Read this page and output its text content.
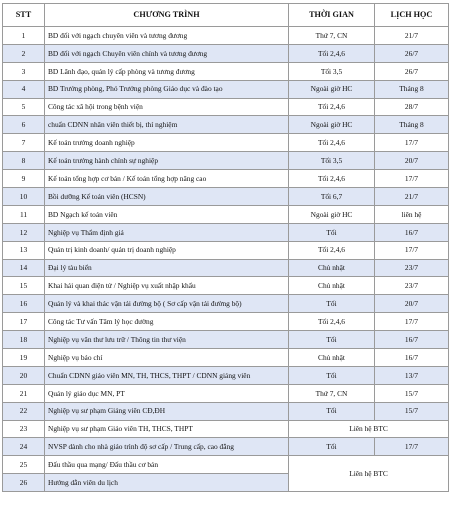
STT	CHƯƠNG TRÌNH	THỜI GIAN	LỊCH HỌC
1	BD đối với ngạch chuyên viên và tương đương	Thứ 7, CN	21/7
2	BD đối với ngạch Chuyên viên chính và tương đương	Tối 2,4,6	26/7
3	BD Lãnh đạo, quản lý cấp phòng và tương đương	Tối 3,5	26/7
4	BD Trưởng phòng, Phó Trưởng phòng Giáo dục và đào tạo	Ngoài giờ HC	Tháng 8
5	Công tác xã hội trong bệnh viện	Tối 2,4,6	28/7
6	chuẩn CDNN nhân viên thiết bị, thí nghiệm	Ngoài giờ HC	Tháng 8
7	Kế toán trưởng doanh nghiệp	Tối 2,4,6	17/7
8	Kế toán trưởng hành chính sự nghiệp	Tối 3,5	20/7
9	Kế toán tổng hợp cơ bản / Kế toán tổng hợp nâng cao	Tối 2,4,6	17/7
10	Bồi dưỡng Kế toán viên (HCSN)	Tối 6,7	21/7
11	BD Ngạch kế toán viên	Ngoài giờ HC	liên hệ
12	Nghiệp vụ Thẩm định giá	Tối	16/7
13	Quản trị kinh doanh/ quản trị doanh nghiệp	Tối 2,4,6	17/7
14	Đại lý tàu biển	Chủ nhật	23/7
15	Khai hải quan điện tử / Nghiệp vụ xuất nhập khẩu	Chủ nhật	23/7
16	Quản lý và khai thác vận tải đường bộ ( Sơ cấp vận tải đường bộ)	Tối	20/7
17	Công tác Tư vấn Tâm lý học đường	Tối 2,4,6	17/7
18	Nghiệp vụ văn thư lưu trữ / Thông tin thư viện	Tối	16/7
19	Nghiệp vụ báo chí	Chủ nhật	16/7
20	Chuẩn CDNN giáo viên MN, TH, THCS, THPT / CDNN giảng viên	Tối	13/7
21	Quản lý giáo dục MN, PT	Thứ 7, CN	15/7
22	Nghiệp vụ sư phạm Giảng viên CĐ,ĐH	Tối	15/7
23	Nghiệp vụ sư phạm Giáo viên TH, THCS, THPT	Liên hệ BTC	
24	NVSP dành cho nhà giáo trình độ sơ cấp / Trung cấp, cao đẳng	Tối	17/7
25	Đấu thầu qua mạng/ Đấu thầu cơ bản	Liên hệ BTC	
26	Hướng dẫn viên du lịch		
